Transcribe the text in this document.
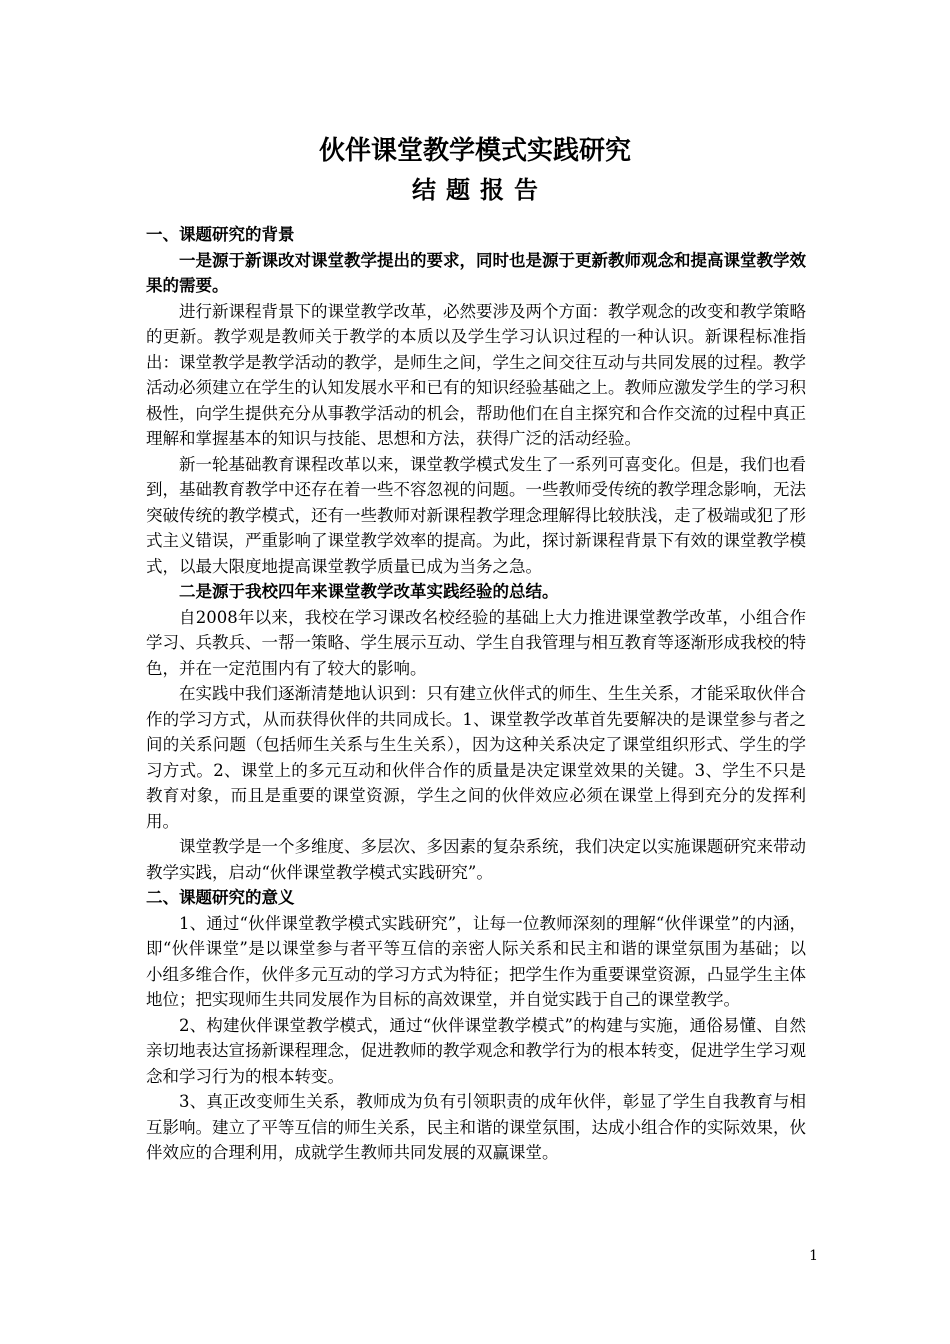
伙伴课堂教学模式实践研究
结题报告

一、课题研究的背景

一是源于新课改对课堂教学提出的要求，同时也是源于更新教师观念和提高课堂教学效果的需要。

进行新课程背景下的课堂教学改革，必然要涉及两个方面：教学观念的改变和教学策略的更新。教学观是教师关于教学的本质以及学生学习认识过程的一种认识。新课程标准指出：课堂教学是教学活动的教学，是师生之间，学生之间交往互动与共同发展的过程。教学活动必须建立在学生的认知发展水平和已有的知识经验基础之上。教师应激发学生的学习积极性，向学生提供充分从事教学活动的机会，帮助他们在自主探究和合作交流的过程中真正理解和掌握基本的知识与技能、思想和方法，获得广泛的活动经验。

新一轮基础教育课程改革以来，课堂教学模式发生了一系列可喜变化。但是，我们也看到，基础教育教学中还存在着一些不容忽视的问题。一些教师受传统的教学理念影响，无法突破传统的教学模式，还有一些教师对新课程教学理念理解得比较肤浅，走了极端或犯了形式主义错误，严重影响了课堂教学效率的提高。为此，探讨新课程背景下有效的课堂教学模式，以最大限度地提高课堂教学质量已成为当务之急。

二是源于我校四年来课堂教学改革实践经验的总结。

自2008年以来，我校在学习课改名校经验的基础上大力推进课堂教学改革，小组合作学习、兵教兵、一帮一策略、学生展示互动、学生自我管理与相互教育等逐渐形成我校的特色，并在一定范围内有了较大的影响。

在实践中我们逐渐清楚地认识到：只有建立伙伴式的师生、生生关系，才能采取伙伴合作的学习方式，从而获得伙伴的共同成长。1、课堂教学改革首先要解决的是课堂参与者之间的关系问题（包括师生关系与生生关系），因为这种关系决定了课堂组织形式、学生的学习方式。2、课堂上的多元互动和伙伴合作的质量是决定课堂效果的关键。3、学生不只是教育对象，而且是重要的课堂资源，学生之间的伙伴效应必须在课堂上得到充分的发挥利用。

课堂教学是一个多维度、多层次、多因素的复杂系统，我们决定以实施课题研究来带动教学实践，启动“伙伴课堂教学模式实践研究”。

二、课题研究的意义

1、通过“伙伴课堂教学模式实践研究”，让每一位教师深刻的理解“伙伴课堂”的内涵，即“伙伴课堂”是以课堂参与者平等互信的亲密人际关系和民主和谐的课堂氛围为基础；以小组多维合作，伙伴多元互动的学习方式为特征；把学生作为重要课堂资源，凸显学生主体地位；把实现师生共同发展作为目标的高效课堂，并自觉实践于自己的课堂教学。

2、构建伙伴课堂教学模式，通过“伙伴课堂教学模式”的构建与实施，通俗易懂、自然亲切地表达宣扬新课程理念，促进教师的教学观念和教学行为的根本转变，促进学生学习观念和学习行为的根本转变。

3、真正改变师生关系，教师成为负有引领职责的成年伙伴，彰显了学生自我教育与相互影响。建立了平等互信的师生关系，民主和谐的课堂氛围，达成小组合作的实际效果，伙伴效应的合理利用，成就学生教师共同发展的双赢课堂。

1
